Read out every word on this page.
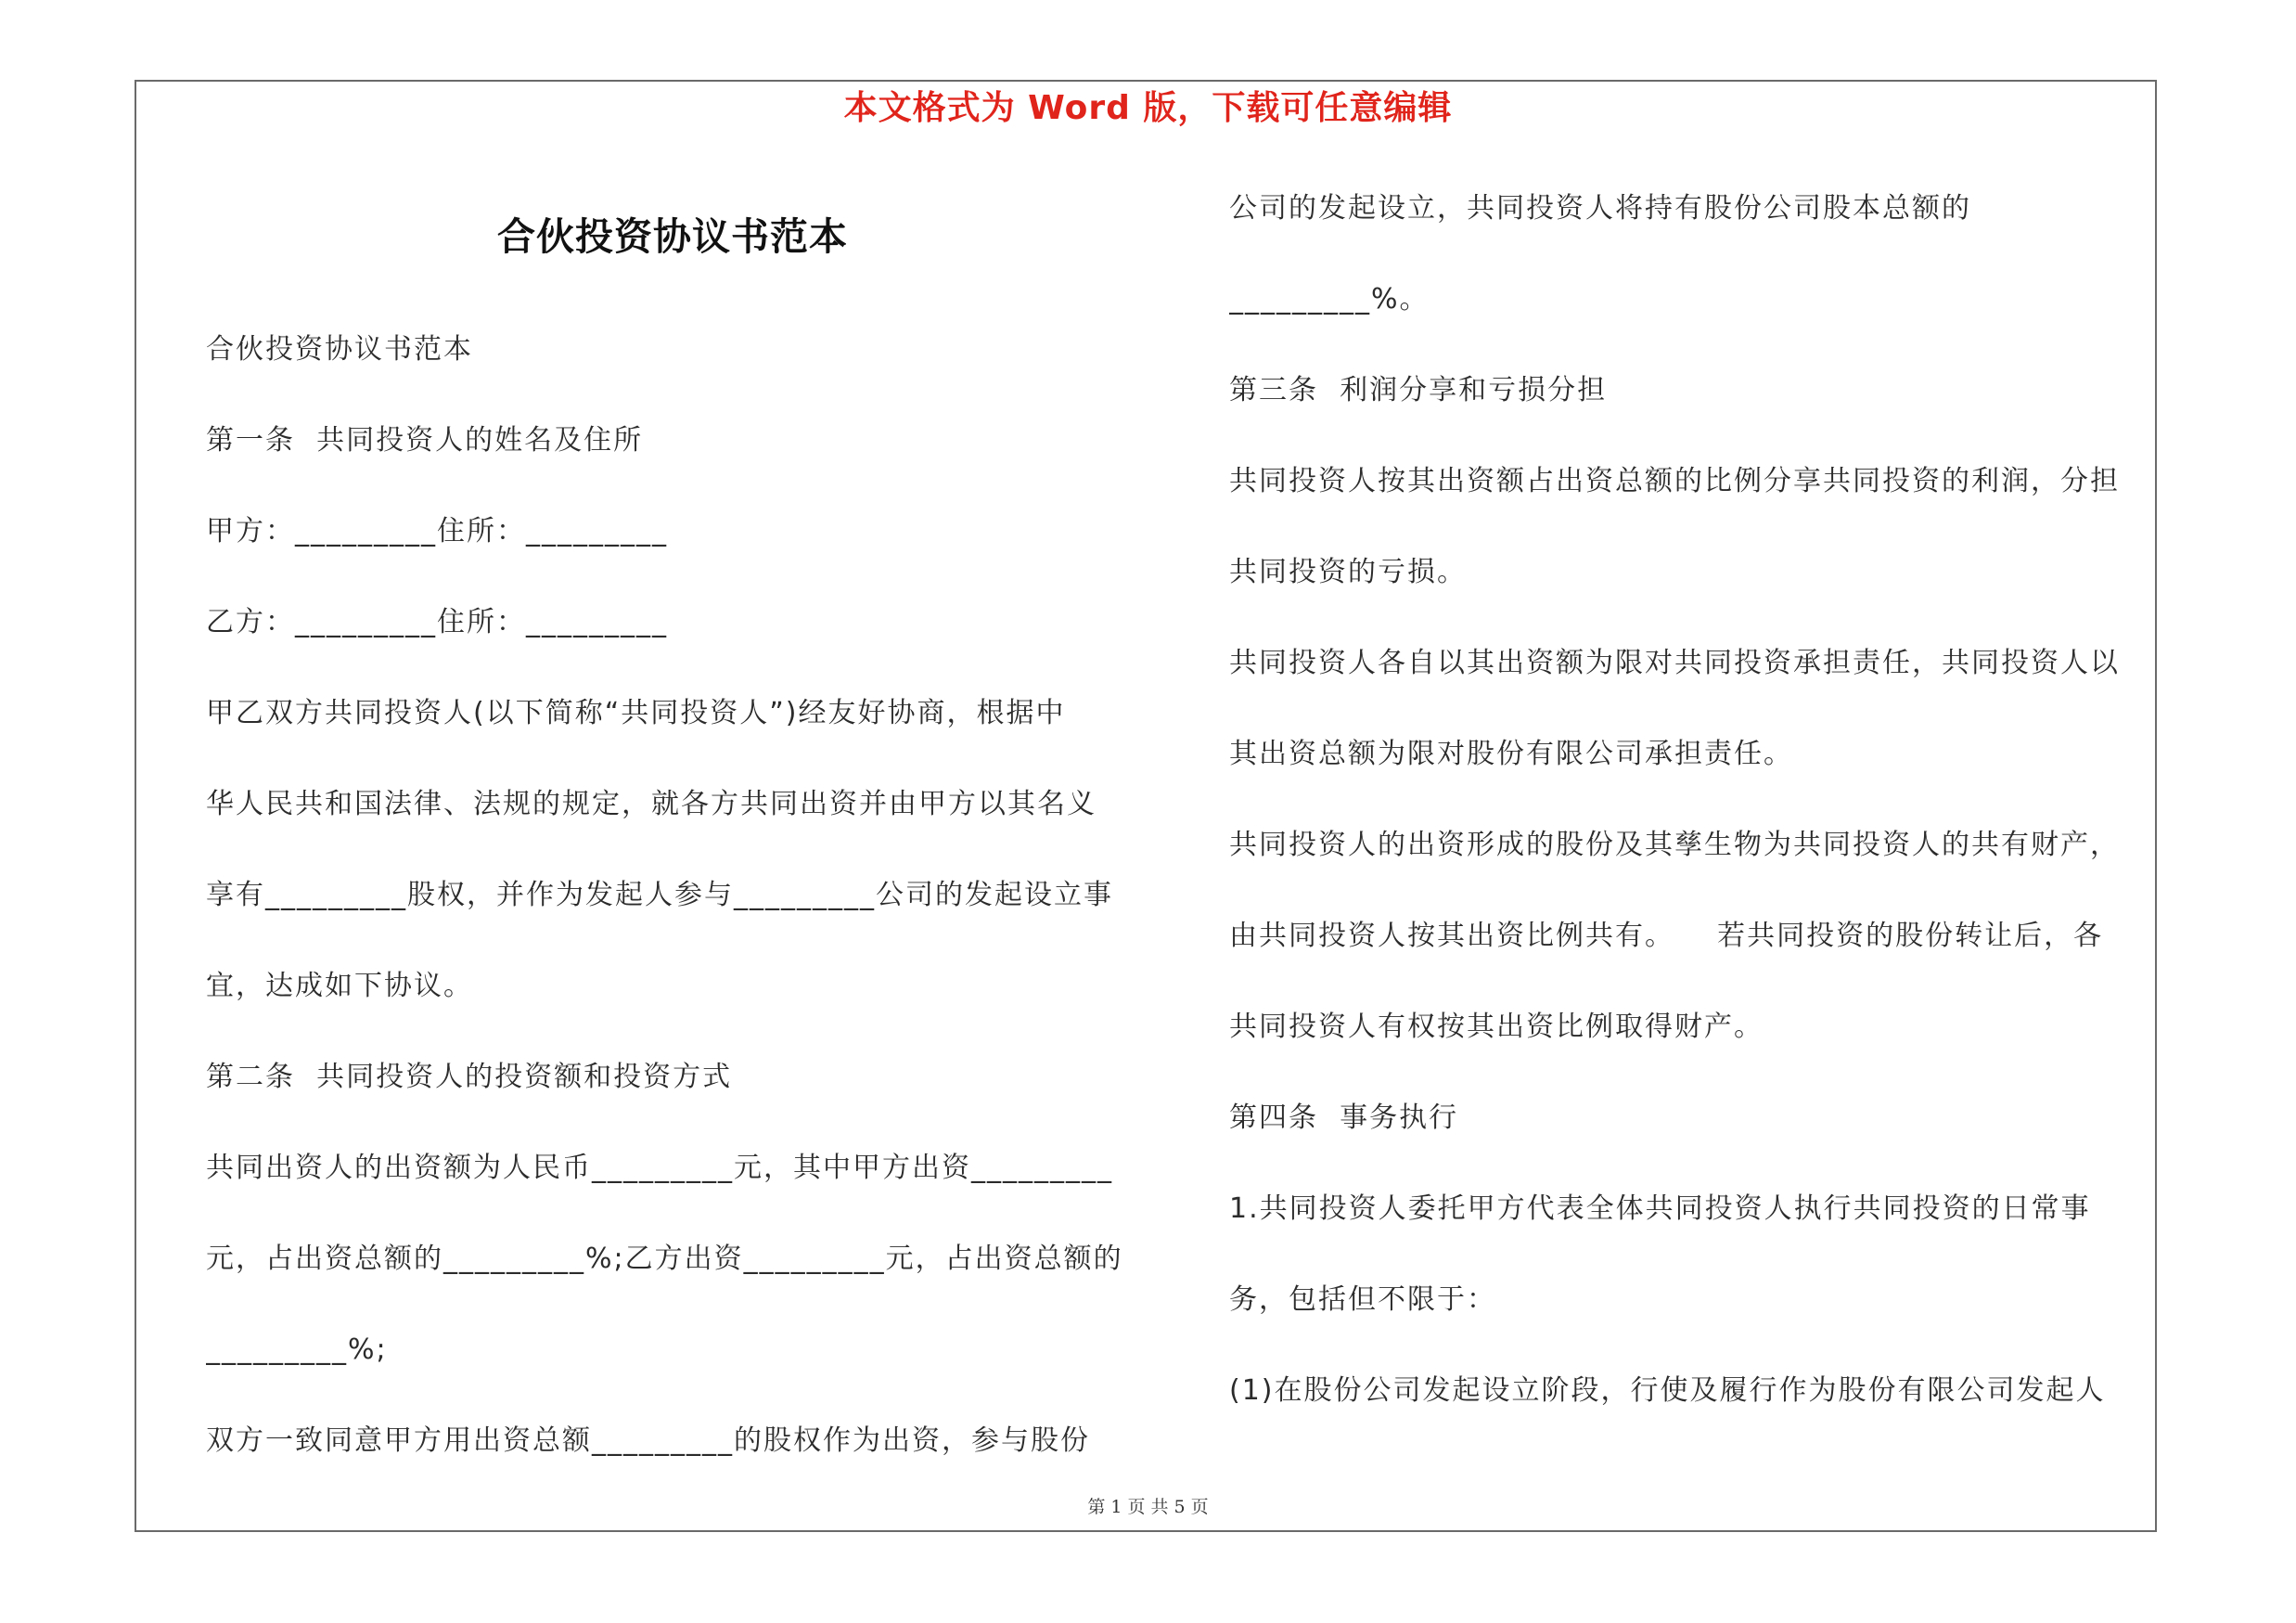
本文格式为 Word 版，下载可任意编辑
合伙投资协议书范本
合伙投资协议书范本
第一条  共同投资人的姓名及住所
甲方：_________住所：_________
乙方：_________住所：_________
甲乙双方共同投资人(以下简称“共同投资人”)经友好协商，根据中
华人民共和国法律、法规的规定，就各方共同出资并由甲方以其名义
享有_________股权，并作为发起人参与_________公司的发起设立事
宜，达成如下协议。
第二条  共同投资人的投资额和投资方式
共同出资人的出资额为人民币_________元，其中甲方出资_________
元，占出资总额的_________%;乙方出资_________元，占出资总额的
_________%;
双方一致同意甲方用出资总额_________的股权作为出资，参与股份
公司的发起设立，共同投资人将持有股份公司股本总额的
_________%。
第三条  利润分享和亏损分担
共同投资人按其出资额占出资总额的比例分享共同投资的利润，分担
共同投资的亏损。
共同投资人各自以其出资额为限对共同投资承担责任，共同投资人以
其出资总额为限对股份有限公司承担责任。
共同投资人的出资形成的股份及其孳生物为共同投资人的共有财产，
由共同投资人按其出资比例共有。    若共同投资的股份转让后，各
共同投资人有权按其出资比例取得财产。
第四条  事务执行
1.共同投资人委托甲方代表全体共同投资人执行共同投资的日常事
务，包括但不限于：
(1)在股份公司发起设立阶段，行使及履行作为股份有限公司发起人
第 1 页 共 5 页
